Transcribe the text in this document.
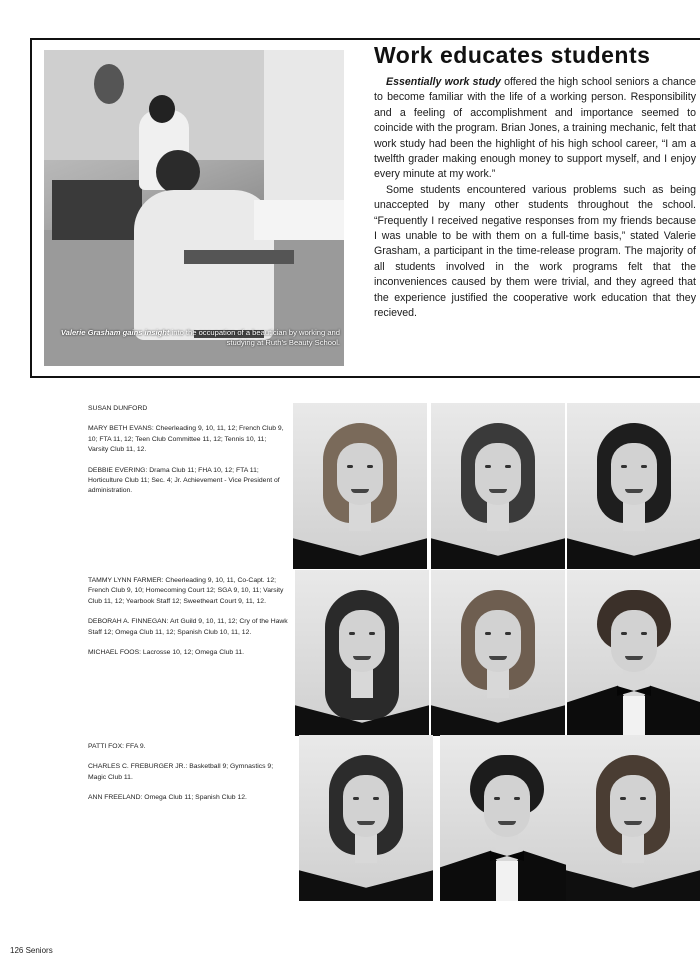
Valerie Grasham gains insight into the occupation of a beautician by working and studying at Ruth’s Beauty School.
Work educates students

Essentially work study offered the high school seniors a chance to become familiar with the life of a working person. Responsibility and a feeling of accomplishment and importance seemed to coincide with the program. Brian Jones, a training mechanic, felt that work study had been the highlight of his high school career, “I am a twelfth grader making enough money to support myself, and I enjoy every minute at my work.”

Some students encountered various problems such as being unaccepted by many other students throughout the school. “Frequently I received negative responses from my friends because I was unable to be with them on a full-time basis,” stated Valerie Grasham, a participant in the time-release program. The majority of all students involved in the work programs felt that the inconveniences caused by them were trivial, and they agreed that the experience justified the cooperative work education that they recieved.

SUSAN DUNFORD
MARY BETH EVANS: Cheerleading 9, 10, 11, 12; French Club 9, 10; FTA 11, 12; Teen Club Committee 11, 12; Tennis 10, 11; Varsity Club 11, 12.
DEBBIE EVERING: Drama Club 11; FHA 10, 12; FTA 11; Horticulture Club 11; Sec. 4; Jr. Achievement - Vice President of administration.
TAMMY LYNN FARMER: Cheerleading 9, 10, 11, Co-Capt. 12; French Club 9, 10; Homecoming Court 12; SGA 9, 10, 11; Varsity Club 11, 12; Yearbook Staff 12; Sweetheart Court 9, 11, 12.
DEBORAH A. FINNEGAN: Art Guild 9, 10, 11, 12; Cry of the Hawk Staff 12; Omega Club 11, 12; Spanish Club 10, 11, 12.
MICHAEL FOOS: Lacrosse 10, 12; Omega Club 11.
PATTI FOX: FFA 9.
CHARLES C. FREBURGER JR.: Basketball 9; Gymnastics 9; Magic Club 11.
ANN FREELAND: Omega Club 11; Spanish Club 12.
126 Seniors
